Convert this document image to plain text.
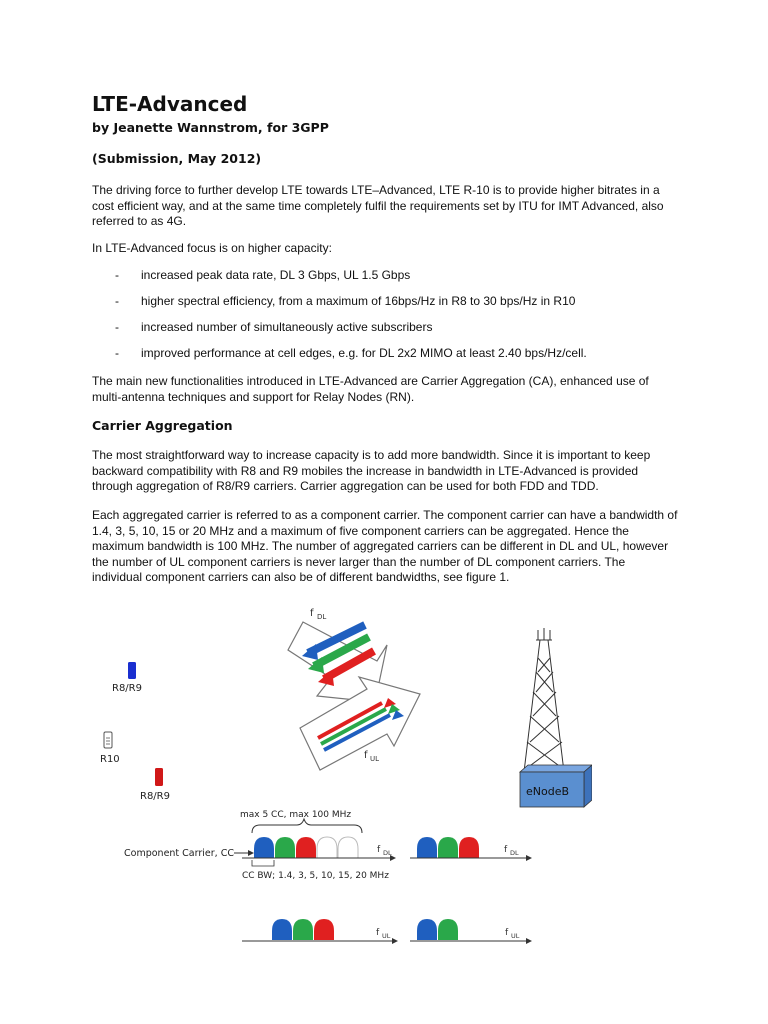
LTE-Advanced
by Jeanette Wannstrom, for 3GPP
(Submission, May 2012)

The driving force to further develop LTE towards LTE–Advanced, LTE R-10 is to provide higher bitrates in a cost efficient way, and at the same time completely fulfil the requirements set by ITU for IMT Advanced, also referred to as 4G.

In LTE-Advanced focus is on higher capacity:

- increased peak data rate, DL 3 Gbps, UL 1.5 Gbps
- higher spectral efficiency, from a maximum of 16bps/Hz in R8 to 30 bps/Hz in R10
- increased number of simultaneously active subscribers
- improved performance at cell edges, e.g. for DL 2x2 MIMO at least 2.40 bps/Hz/cell.

The main new functionalities introduced in LTE-Advanced are Carrier Aggregation (CA), enhanced use of multi-antenna techniques and support for Relay Nodes (RN).

Carrier Aggregation

The most straightforward way to increase capacity is to add more bandwidth. Since it is important to keep backward compatibility with R8 and R9 mobiles the increase in bandwidth in LTE-Advanced is provided through aggregation of R8/R9 carriers. Carrier aggregation can be used for both FDD and TDD.

Each aggregated carrier is referred to as a component carrier. The component carrier can have a bandwidth of 1.4, 3, 5, 10, 15 or 20 MHz and a maximum of five component carriers can be aggregated. Hence the maximum bandwidth is 100 MHz. The number of aggregated carriers can be different in DL and UL, however the number of UL component carriers is never larger than the number of DL component carriers. The individual component carriers can also be of different bandwidths, see figure 1.

R8/R9
R10
R8/R9
f DL
f UL
eNodeB
max 5 CC, max 100 MHz
Component Carrier, CC	f DL
CC BW; 1.4, 3, 5, 10, 15, 20 MHz
f DL
f UL	f UL
